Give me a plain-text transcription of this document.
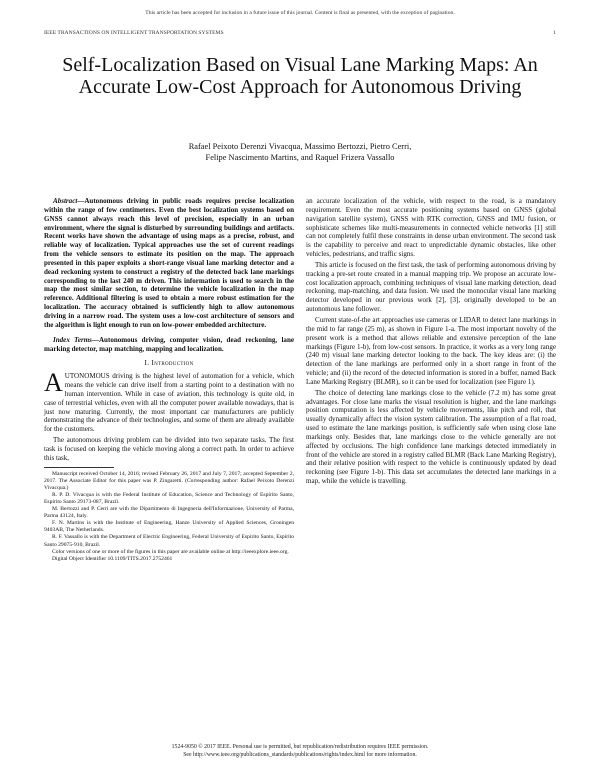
This article has been accepted for inclusion in a future issue of this journal. Content is final as presented, with the exception of pagination.
IEEE TRANSACTIONS ON INTELLIGENT TRANSPORTATION SYSTEMS	1
Self-Localization Based on Visual Lane Marking Maps: An Accurate Low-Cost Approach for Autonomous Driving
Rafael Peixoto Derenzi Vivacqua, Massimo Bertozzi, Pietro Cerri,
Felipe Nascimento Martins, and Raquel Frizera Vassallo

Abstract—Autonomous driving in public roads requires precise localization within the range of few centimeters. Even the best localization systems based on GNSS cannot always reach this level of precision, especially in an urban environment, where the signal is disturbed by surrounding buildings and artifacts. Recent works have shown the advantage of using maps as a precise, robust, and reliable way of localization. Typical approaches use the set of current readings from the vehicle sensors to estimate its position on the map. The approach presented in this paper exploits a short-range visual lane marking detector and a dead reckoning system to construct a registry of the detected back lane markings corresponding to the last 240 m driven. This information is used to search in the map the most similar section, to determine the vehicle localization in the map reference. Additional filtering is used to obtain a more robust estimation for the localization. The accuracy obtained is sufficiently high to allow autonomous driving in a narrow road. The system uses a low-cost architecture of sensors and the algorithm is light enough to run on low-power embedded architecture.

Index Terms—Autonomous driving, computer vision, dead reckoning, lane marking detector, map matching, mapping and localization.

I. Introduction

AUTONOMOUS driving is the highest level of automation for a vehicle, which means the vehicle can drive itself from a starting point to a destination with no human intervention. While in case of aviation, this technology is quite old, in case of terrestrial vehicles, even with all the computer power available nowadays, that is just now maturing. Currently, the most important car manufacturers are publicly demonstrating the advance of their technologies, and some of them are already available for the customers.

The autonomous driving problem can be divided into two separate tasks. The first task is focused on keeping the vehicle moving along a correct path. In order to achieve this task,

Manuscript received October 14, 2016; revised February 26, 2017 and July 7, 2017; accepted September 2, 2017. The Associate Editor for this paper was P. Zingaretti. (Corresponding author: Rafael Peixoto Derenzi Vivacqua.)

R. P. D. Vivacqua is with the Federal Institute of Education, Science and Technology of Espírito Santo, Espírito Santo 29173-087, Brazil.

M. Bertozzi and P. Cerri are with the Dipartimento di Ingegneria dell'Informazione, University of Parma, Parma 43124, Italy.

F. N. Martins is with the Institute of Engineering, Hanze University of Applied Sciences, Groningen 9403AB, The Netherlands.

R. F. Vassallo is with the Department of Electric Engineering, Federal University of Espírito Santo, Espírito Santo 29075-910, Brazil.

Color versions of one or more of the figures in this paper are available online at http://ieeexplore.ieee.org.

Digital Object Identifier 10.1109/TITS.2017.2752461

an accurate localization of the vehicle, with respect to the road, is a mandatory requirement. Even the most accurate positioning systems based on GNSS (global navigation satellite system), GNSS with RTK correction, GNSS and IMU fusion, or sophisticate schemes like multi-measurements in connected vehicle networks [1] still can not completely fulfil these constraints in dense urban environment. The second task is the capability to perceive and react to unpredictable dynamic obstacles, like other vehicles, pedestrians, and traffic signs.

This article is focused on the first task, the task of performing autonomous driving by tracking a pre-set route created in a manual mapping trip. We propose an accurate low-cost localization approach, combining techniques of visual lane marking detection, dead reckoning, map-matching, and data fusion. We used the monocular visual lane marking detector developed in our previous work [2], [3], originally developed to be an autonomous lane follower.

Current state-of-the art approaches use cameras or LIDAR to detect lane markings in the mid to far range (25 m), as shown in Figure 1-a. The most important novelty of the present work is a method that allows reliable and extensive perception of the lane markings (Figure 1-b), from low-cost sensors. In practice, it works as a very long range (240 m) visual lane marking detector looking to the back. The key ideas are: (i) the detection of the lane markings are performed only in a short range in front of the vehicle; and (ii) the record of the detected information is stored in a buffer, named Back Lane Marking Registry (BLMR), so it can be used for localization (see Figure 1).

The choice of detecting lane markings close to the vehicle (7.2 m) has some great advantages. For close lane marks the visual resolution is higher, and the lane markings position computation is less affected by vehicle movements, like pitch and roll, that usually dynamically affect the vision system calibration. The assumption of a flat road, used to estimate the lane markings position, is sufficiently safe when using close lane markings only. Besides that, lane markings close to the vehicle generally are not affected by occlusions. The high confidence lane markings detected immediately in front of the vehicle are stored in a registry called BLMR (Back Lane Marking Registry), and their relative position with respect to the vehicle is continuously updated by dead reckoning (see Figure 1-b). This data set accumulates the detected lane markings in a map, while the vehicle is travelling.

1524-9050 © 2017 IEEE. Personal use is permitted, but republication/redistribution requires IEEE permission.
See http://www.ieee.org/publications_standards/publications/rights/index.html for more information.
